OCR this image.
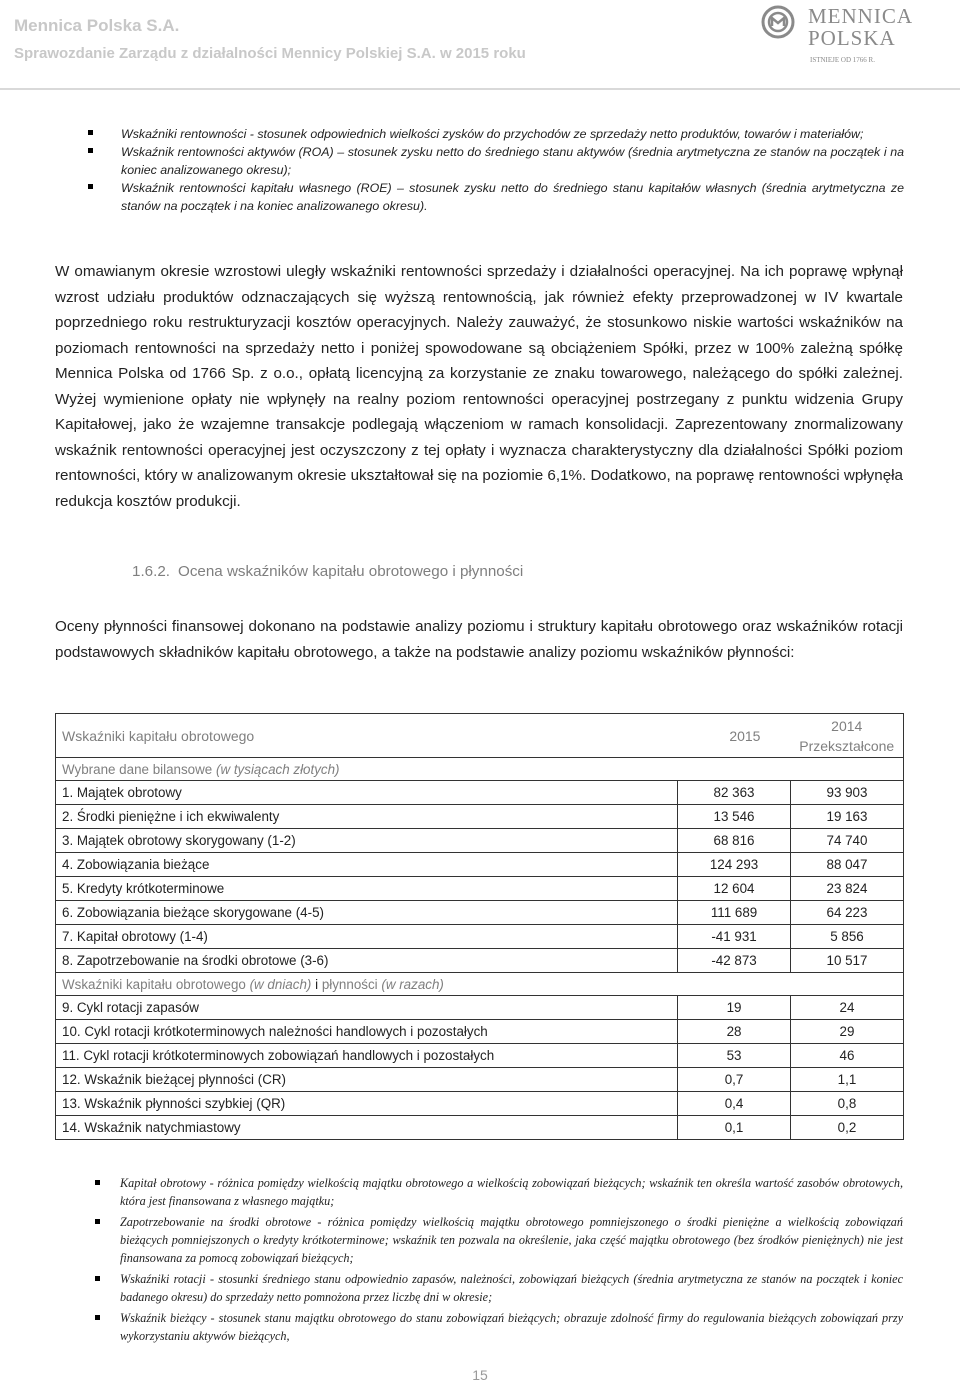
Mennica Polska S.A.
Sprawozdanie Zarządu z działalności Mennicy Polskiej S.A. w 2015 roku
MENNICA
POLSKA
ISTNIEJE OD 1766 R.
Wskaźniki rentowności - stosunek odpowiednich wielkości zysków do przychodów ze sprzedaży netto produktów, towarów i materiałów;
Wskaźnik rentowności aktywów (ROA) – stosunek zysku netto do średniego stanu aktywów (średnia arytmetyczna ze stanów na początek i na koniec analizowanego okresu);
Wskaźnik rentowności kapitału własnego (ROE) – stosunek zysku netto do średniego stanu kapitałów własnych (średnia arytmetyczna ze stanów na początek i na koniec analizowanego okresu).

W omawianym okresie wzrostowi uległy wskaźniki rentowności sprzedaży i działalności operacyjnej. Na ich poprawę wpłynął wzrost udziału produktów odznaczających się wyższą rentownością, jak również efekty przeprowadzonej w IV kwartale poprzedniego roku restrukturyzacji kosztów operacyjnych. Należy zauważyć, że stosunkowo niskie wartości wskaźników na poziomach rentowności na sprzedaży netto i poniżej spowodowane są obciążeniem Spółki, przez w 100% zależną spółkę Mennica Polska od 1766 Sp. z o.o., opłatą licencyjną za korzystanie ze znaku towarowego, należącego do spółki zależnej. Wyżej wymienione opłaty nie wpłynęły na realny poziom rentowności operacyjnej postrzegany z punktu widzenia Grupy Kapitałowej, jako że wzajemne transakcje podlegają włączeniom w ramach konsolidacji. Zaprezentowany znormalizowany wskaźnik rentowności operacyjnej jest oczyszczony z tej opłaty i wyznacza charakterystyczny dla działalności Spółki poziom rentowności, który w analizowanym okresie ukształtował się na poziomie 6,1%. Dodatkowo, na poprawę rentowności wpłynęła redukcja kosztów produkcji.

1.6.2. Ocena wskaźników kapitału obrotowego i płynności

Oceny płynności finansowej dokonano na podstawie analizy poziomu i struktury kapitału obrotowego oraz wskaźników rotacji podstawowych składników kapitału obrotowego, a także na podstawie analizy poziomu wskaźników płynności:

Wskaźniki kapitału obrotowego	2015	2014
Przekształcone

Wybrane dane bilansowe (w tysiącach złotych)		
1. Majątek obrotowy	82 363	93 903
2. Środki pieniężne i ich ekwiwalenty	13 546	19 163
3. Majątek obrotowy skorygowany (1-2)	68 816	74 740
4. Zobowiązania bieżące	124 293	88 047
5. Kredyty krótkoterminowe	12 604	23 824
6. Zobowiązania bieżące skorygowane (4-5)	111 689	64 223
7. Kapitał obrotowy (1-4)	-41 931	5 856
8. Zapotrzebowanie na środki obrotowe (3-6)	-42 873	10 517
Wskaźniki kapitału obrotowego (w dniach) i płynności (w razach)		
9. Cykl rotacji zapasów	19	24
10. Cykl rotacji krótkoterminowych należności handlowych i pozostałych	28	29
11. Cykl rotacji krótkoterminowych zobowiązań handlowych i pozostałych	53	46
12. Wskaźnik bieżącej płynności (CR)	0,7	1,1
13. Wskaźnik płynności szybkiej (QR)	0,4	0,8
14. Wskaźnik natychmiastowy	0,1	0,2
Kapitał obrotowy - różnica pomiędzy wielkością majątku obrotowego a wielkością zobowiązań bieżących; wskaźnik ten określa wartość zasobów obrotowych, która jest finansowana z własnego majątku;
Zapotrzebowanie na środki obrotowe - różnica pomiędzy wielkością majątku obrotowego pomniejszonego o środki pieniężne a wielkością zobowiązań bieżących pomniejszonych o kredyty krótkoterminowe; wskaźnik ten pozwala na określenie, jaka część majątku obrotowego (bez środków pieniężnych) nie jest finansowana za pomocą zobowiązań bieżących;
Wskaźniki rotacji - stosunki średniego stanu odpowiednio zapasów, należności, zobowiązań bieżących (średnia arytmetyczna ze stanów na początek i koniec badanego okresu) do sprzedaży netto pomnożona przez liczbę dni w okresie;
Wskaźnik bieżący - stosunek stanu majątku obrotowego do stanu zobowiązań bieżących; obrazuje zdolność firmy do regulowania bieżących zobowiązań przy wykorzystaniu aktywów bieżących,
15
